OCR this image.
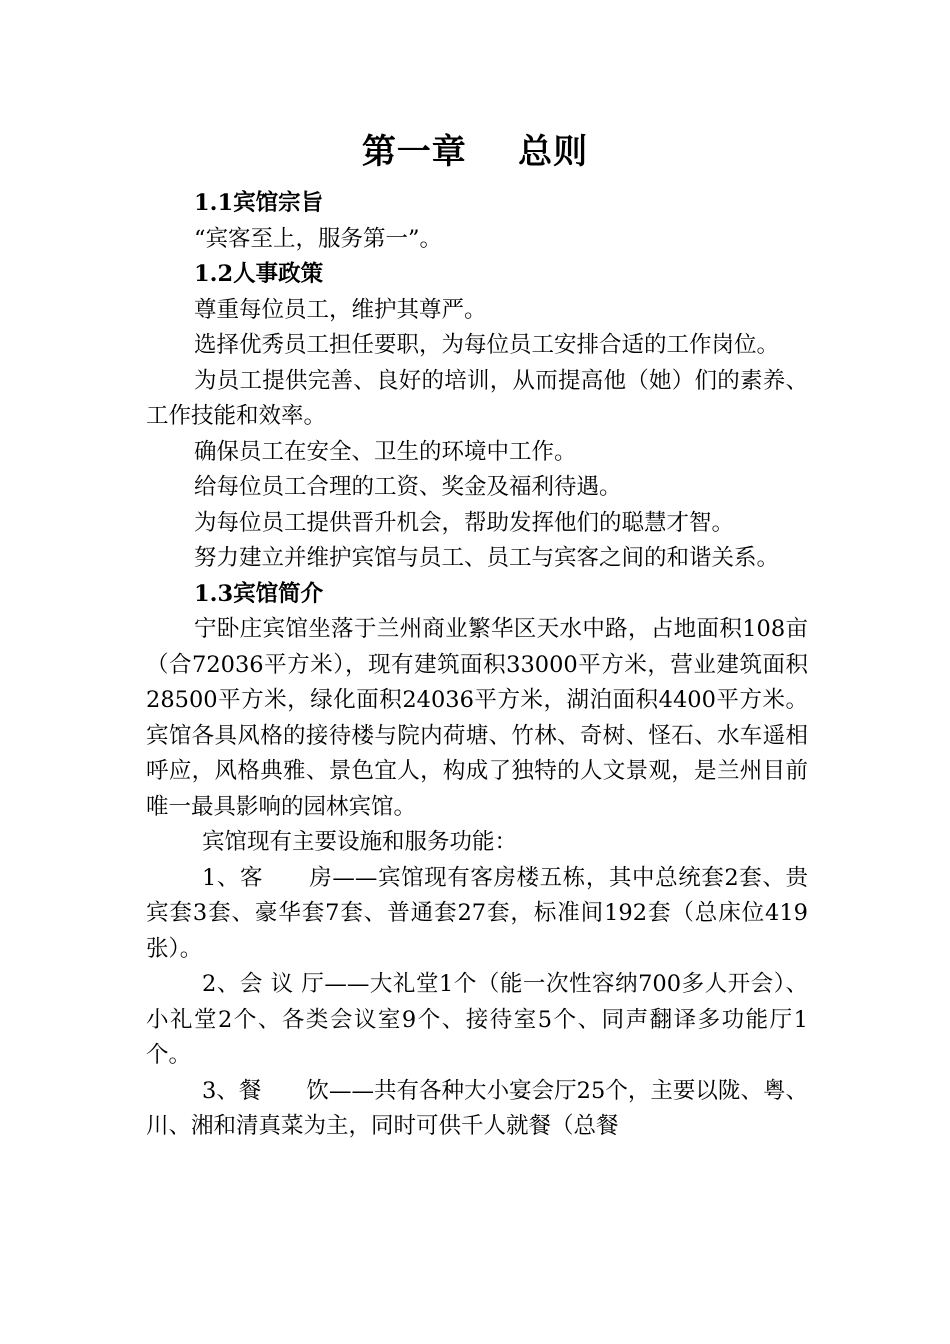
第一章    总则

1.1宾馆宗旨

“宾客至上，服务第一”。

1.2人事政策

尊重每位员工，维护其尊严。

选择优秀员工担任要职，为每位员工安排合适的工作岗位。

为员工提供完善、良好的培训，从而提高他（她）们的素养、工作技能和效率。

确保员工在安全、卫生的环境中工作。

给每位员工合理的工资、奖金及福利待遇。

为每位员工提供晋升机会，帮助发挥他们的聪慧才智。

努力建立并维护宾馆与员工、员工与宾客之间的和谐关系。

1.3宾馆简介

宁卧庄宾馆坐落于兰州商业繁华区天水中路，占地面积108亩（合72036平方米），现有建筑面积33000平方米，营业建筑面积28500平方米，绿化面积24036平方米，湖泊面积4400平方米。宾馆各具风格的接待楼与院内荷塘、竹林、奇树、怪石、水车遥相呼应，风格典雅、景色宜人，构成了独特的人文景观，是兰州目前唯一最具影响的园林宾馆。

宾馆现有主要设施和服务功能：

1、客　　房——宾馆现有客房楼五栋，其中总统套2套、贵宾套3套、豪华套7套、普通套27套，标准间192套（总床位419张）。

2、会 议 厅——大礼堂1个（能一次性容纳700多人开会）、小礼堂2个、各类会议室9个、接待室5个、同声翻译多功能厅1个。

3、餐　　饮——共有各种大小宴会厅25个，主要以陇、粤、川、湘和清真菜为主，同时可供千人就餐（总餐
